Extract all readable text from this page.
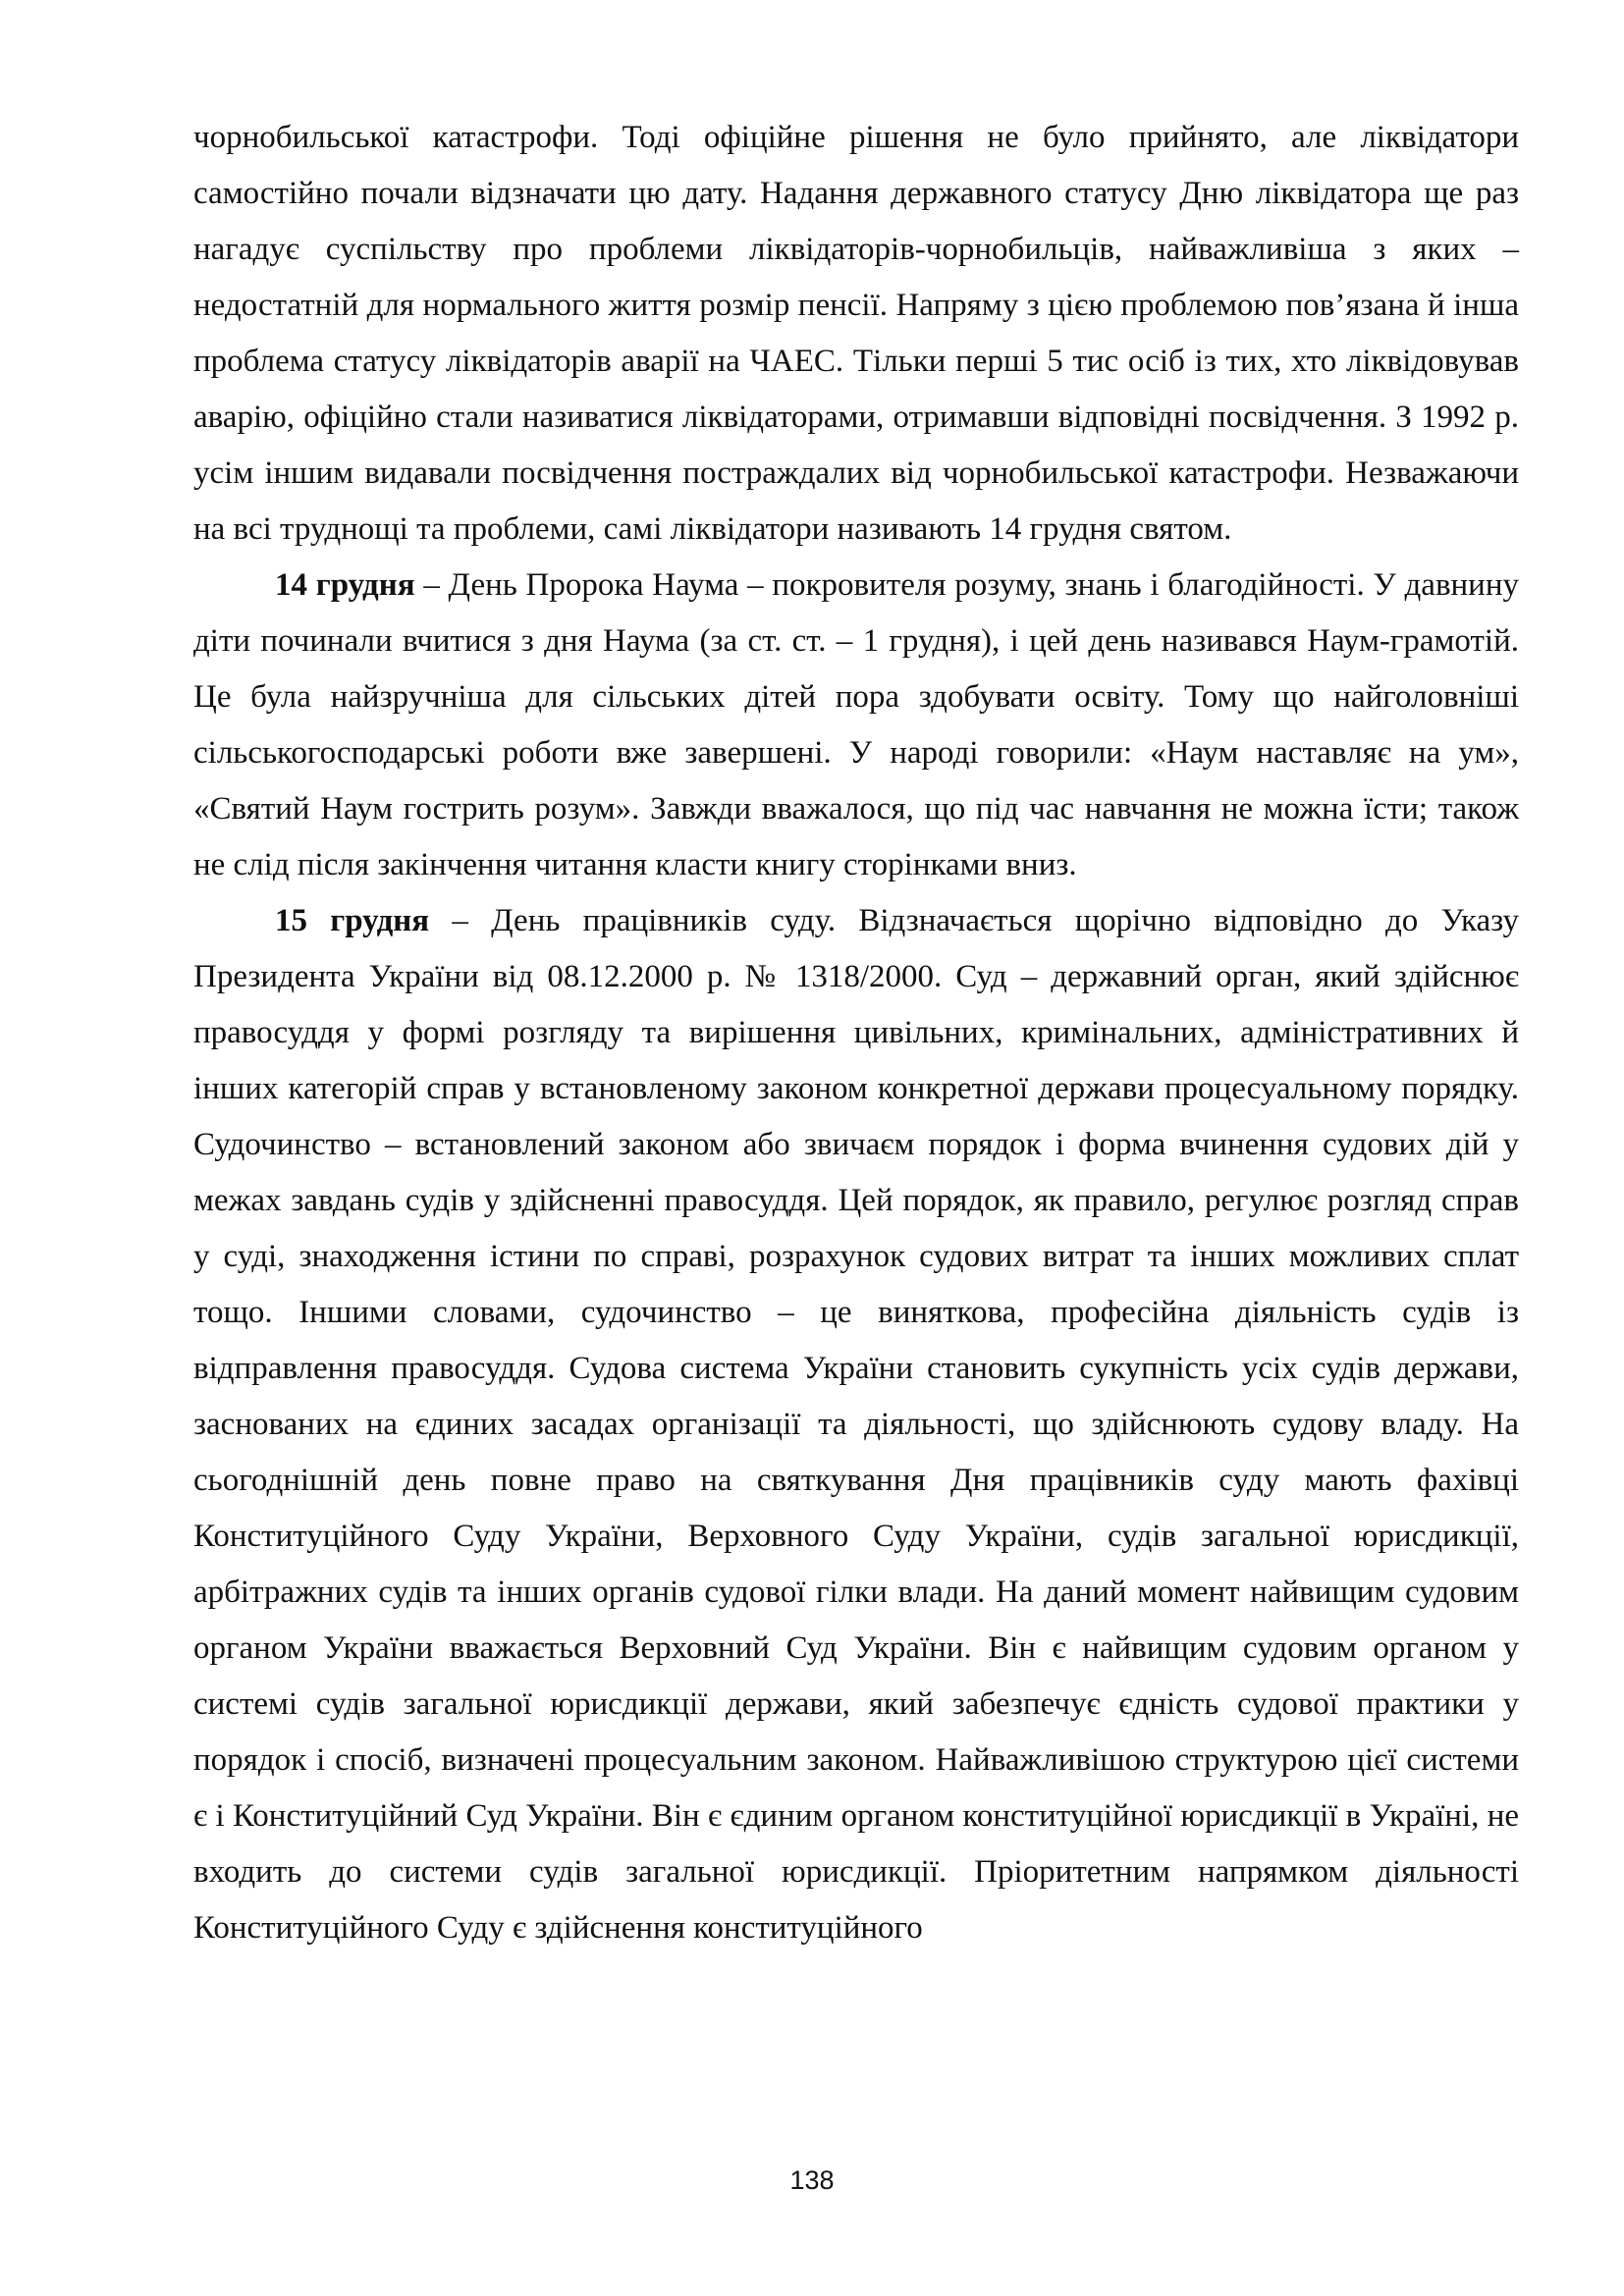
чорнобильської катастрофи. Тоді офіційне рішення не було прийнято, але ліквідатори самостійно почали відзначати цю дату. Надання державного статусу Дню ліквідатора ще раз нагадує суспільству про проблеми ліквідаторів-чорнобильців, найважливіша з яких – недостатній для нормального життя розмір пенсії. Напряму з цією проблемою пов’язана й інша проблема статусу ліквідаторів аварії на ЧАЕС. Тільки перші 5 тис осіб із тих, хто ліквідовував аварію, офіційно стали називатися ліквідаторами, отримавши відповідні посвідчення. З 1992 р. усім іншим видавали посвідчення постраждалих від чорнобильської катастрофи. Незважаючи на всі труднощі та проблеми, самі ліквідатори називають 14 грудня святом.

14 грудня – День Пророка Наума – покровителя розуму, знань і благодійності. У давнину діти починали вчитися з дня Наума (за ст. ст. – 1 грудня), і цей день називався Наум-грамотій. Це була найзручніша для сільських дітей пора здобувати освіту. Тому що найголовніші сільськогосподарські роботи вже завершені. У народі говорили: «Наум наставляє на ум», «Святий Наум гострить розум». Завжди вважалося, що під час навчання не можна їсти; також не слід після закінчення читання класти книгу сторінками вниз.

15 грудня – День працівників суду. Відзначається щорічно відповідно до Указу Президента України від 08.12.2000 р. № 1318/2000. Суд – державний орган, який здійснює правосуддя у формі розгляду та вирішення цивільних, кримінальних, адміністративних й інших категорій справ у встановленому законом конкретної держави процесуальному порядку. Судочинство – встановлений законом або звичаєм порядок і форма вчинення судових дій у межах завдань судів у здійсненні правосуддя. Цей порядок, як правило, регулює розгляд справ у суді, знаходження істини по справі, розрахунок судових витрат та інших можливих сплат тощо. Іншими словами, судочинство – це виняткова, професійна діяльність судів із відправлення правосуддя. Судова система України становить сукупність усіх судів держави, заснованих на єдиних засадах організації та діяльності, що здійснюють судову владу. На сьогоднішній день повне право на святкування Дня працівників суду мають фахівці Конституційного Суду України, Верховного Суду України, судів загальної юрисдикції, арбітражних судів та інших органів судової гілки влади. На даний момент найвищим судовим органом України вважається Верховний Суд України. Він є найвищим судовим органом у системі судів загальної юрисдикції держави, який забезпечує єдність судової практики у порядок і спосіб, визначені процесуальним законом. Найважливішою структурою цієї системи є і Конституційний Суд України. Він є єдиним органом конституційної юрисдикції в Україні, не входить до системи судів загальної юрисдикції. Пріоритетним напрямком діяльності Конституційного Суду є здійснення конституційного

138
